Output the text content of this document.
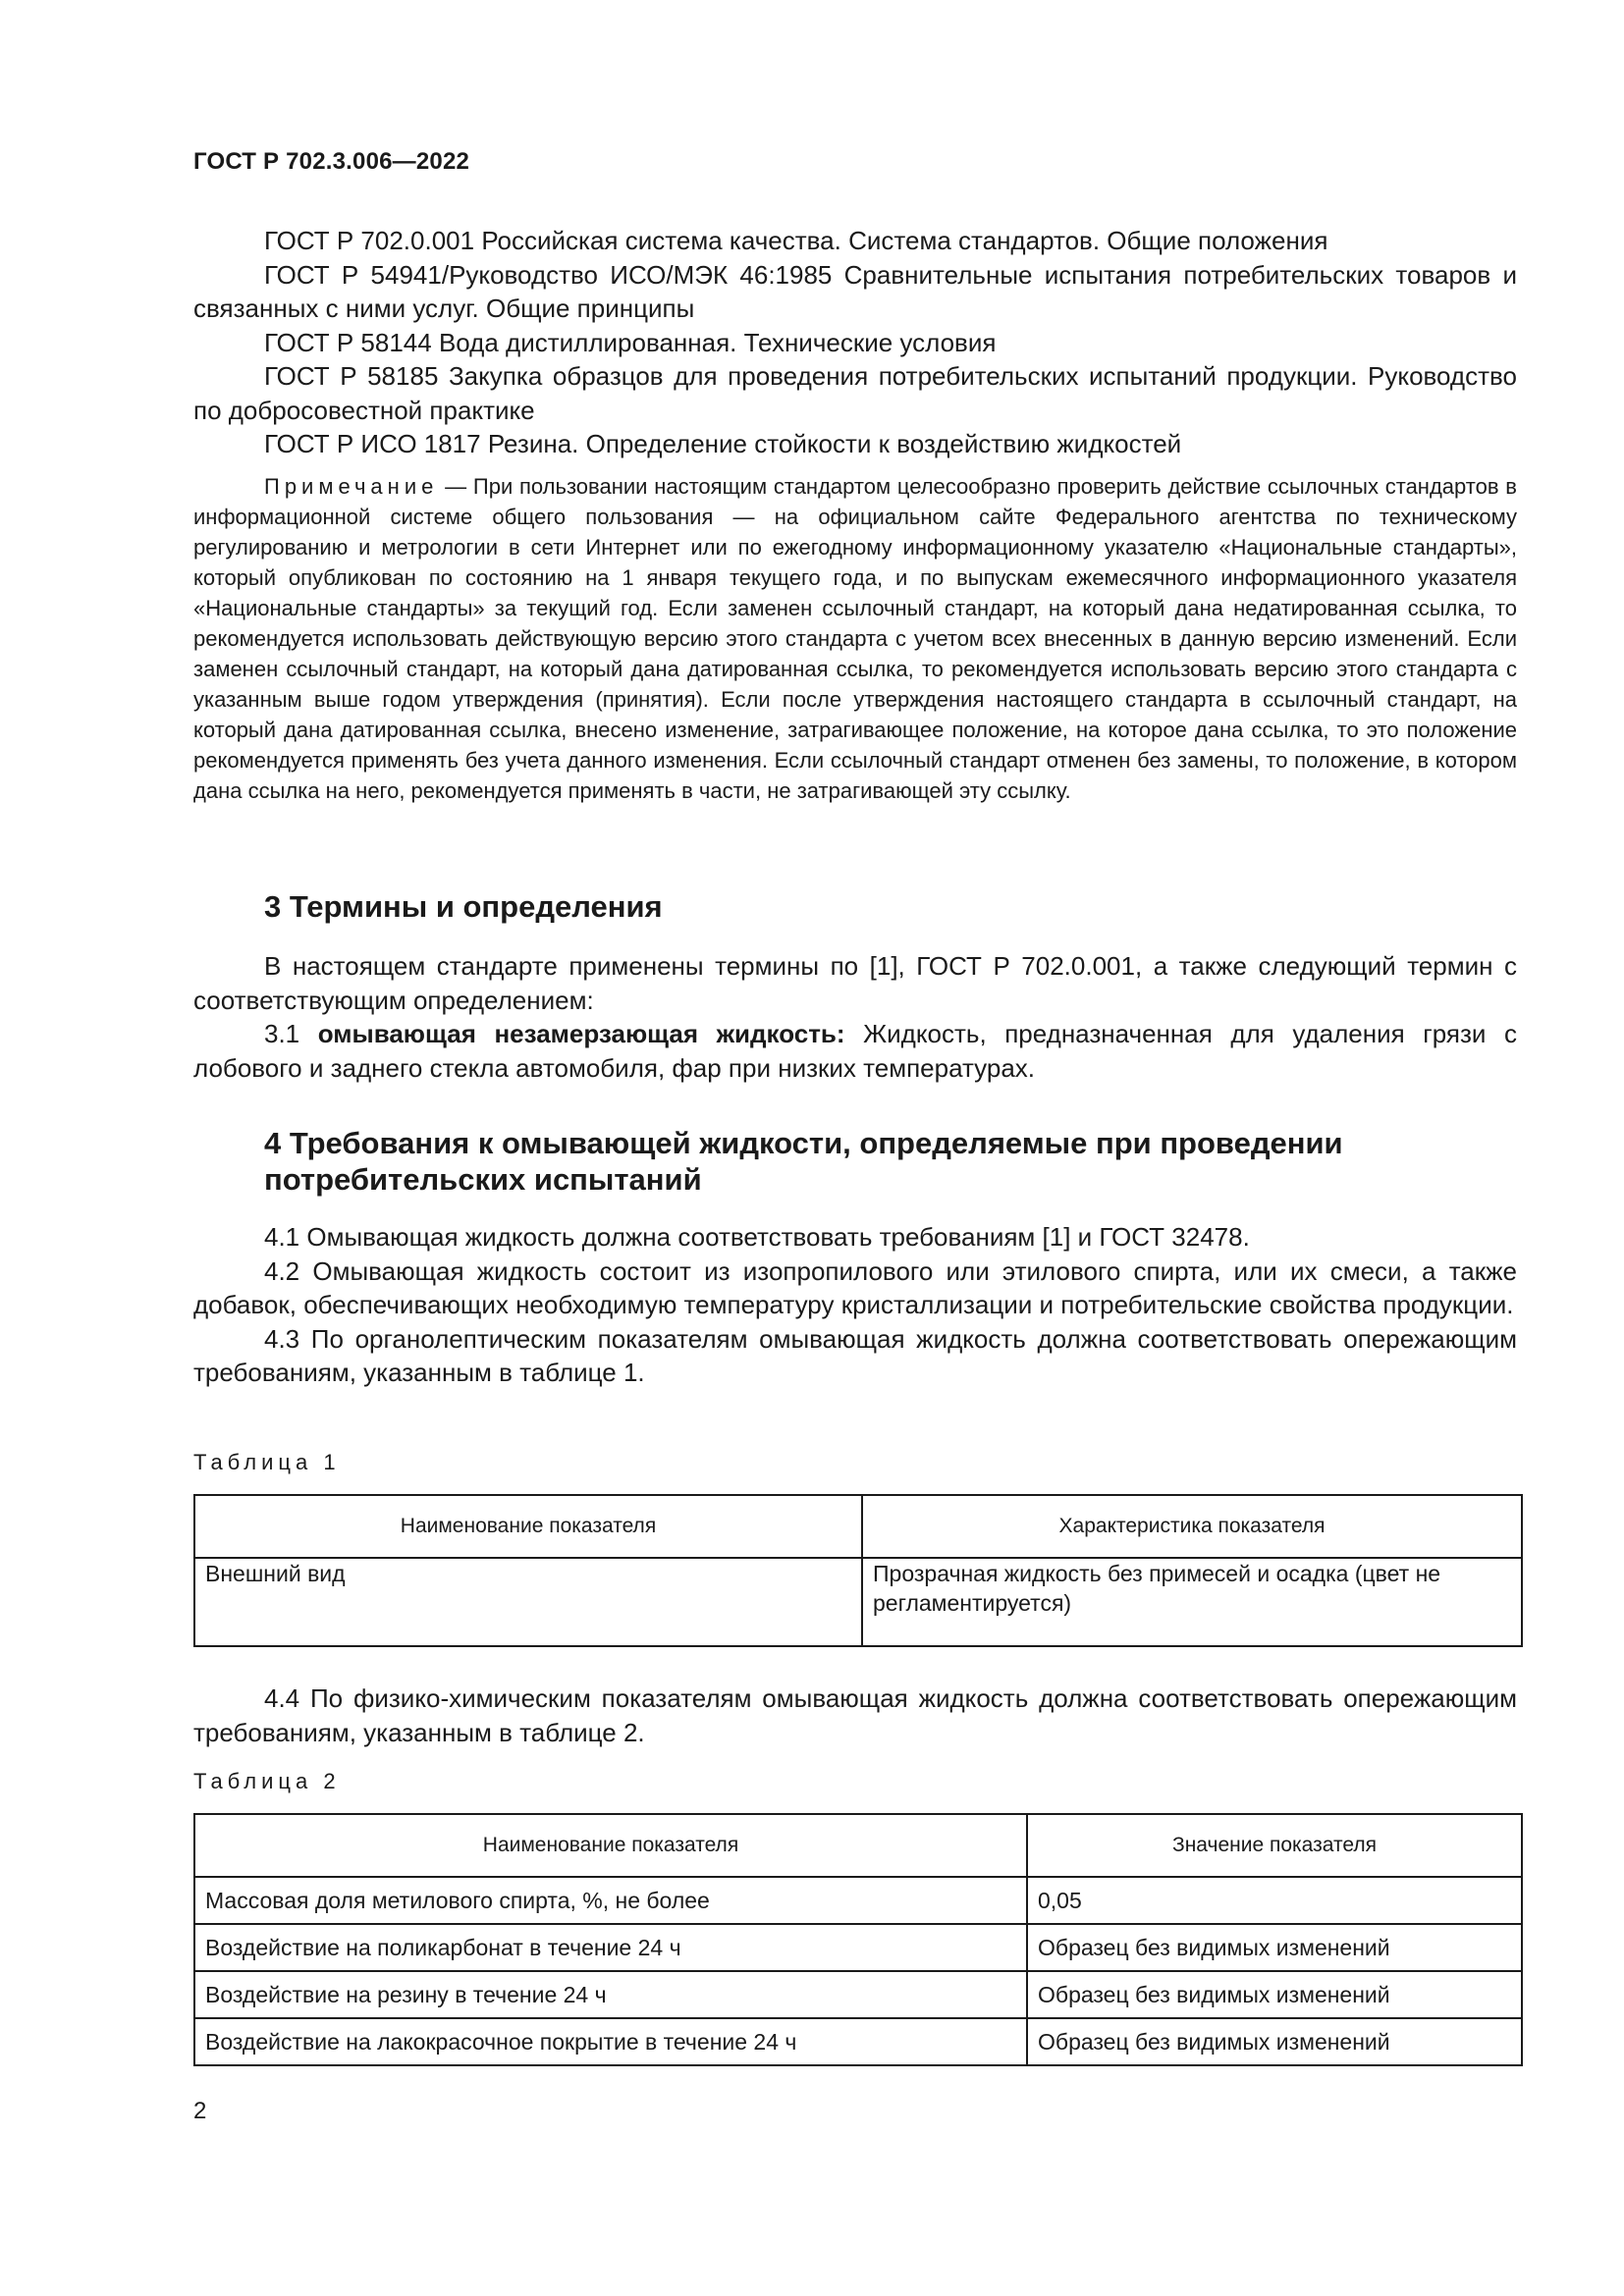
ГОСТ Р 702.3.006—2022

ГОСТ Р 702.0.001 Российская система качества. Система стандартов. Общие положения

ГОСТ Р 54941/Руководство ИСО/МЭК 46:1985 Сравнительные испытания потребительских товаров и связанных с ними услуг. Общие принципы

ГОСТ Р 58144 Вода дистиллированная. Технические условия

ГОСТ Р 58185 Закупка образцов для проведения потребительских испытаний продукции. Руководство по добросовестной практике

ГОСТ Р ИСО 1817 Резина. Определение стойкости к воздействию жидкостей

Примечание — При пользовании настоящим стандартом целесообразно проверить действие ссылочных стандартов в информационной системе общего пользования — на официальном сайте Федерального агентства по техническому регулированию и метрологии в сети Интернет или по ежегодному информационному указателю «Национальные стандарты», который опубликован по состоянию на 1 января текущего года, и по выпускам ежемесячного информационного указателя «Национальные стандарты» за текущий год. Если заменен ссылочный стандарт, на который дана недатированная ссылка, то рекомендуется использовать действующую версию этого стандарта с учетом всех внесенных в данную версию изменений. Если заменен ссылочный стандарт, на который дана датированная ссылка, то рекомендуется использовать версию этого стандарта с указанным выше годом утверждения (принятия). Если после утверждения настоящего стандарта в ссылочный стандарт, на который дана датированная ссылка, внесено изменение, затрагивающее положение, на которое дана ссылка, то это положение рекомендуется применять без учета данного изменения. Если ссылочный стандарт отменен без замены, то положение, в котором дана ссылка на него, рекомендуется применять в части, не затрагивающей эту ссылку.

3 Термины и определения

В настоящем стандарте применены термины по [1], ГОСТ Р 702.0.001, а также следующий термин с соответствующим определением:

3.1 омывающая незамерзающая жидкость: Жидкость, предназначенная для удаления грязи с лобового и заднего стекла автомобиля, фар при низких температурах.

4 Требования к омывающей жидкости, определяемые при проведении потребительских испытаний

4.1 Омывающая жидкость должна соответствовать требованиям [1] и ГОСТ 32478.

4.2 Омывающая жидкость состоит из изопропилового или этилового спирта, или их смеси, а также добавок, обеспечивающих необходимую температуру кристаллизации и потребительские свойства продукции.

4.3 По органолептическим показателям омывающая жидкость должна соответствовать опережающим требованиям, указанным в таблице 1.

Таблица 1
Наименование показателя	Характеристика показателя
Внешний вид	Прозрачная жидкость без примесей и осадка (цвет не регламентируется)

4.4 По физико-химическим показателям омывающая жидкость должна соответствовать опережающим требованиям, указанным в таблице 2.

Таблица 2
Наименование показателя	Значение показателя
Массовая доля метилового спирта, %, не более	0,05
Воздействие на поликарбонат в течение 24 ч	Образец без видимых изменений
Воздействие на резину в течение 24 ч	Образец без видимых изменений
Воздействие на лакокрасочное покрытие в течение 24 ч	Образец без видимых изменений
2
